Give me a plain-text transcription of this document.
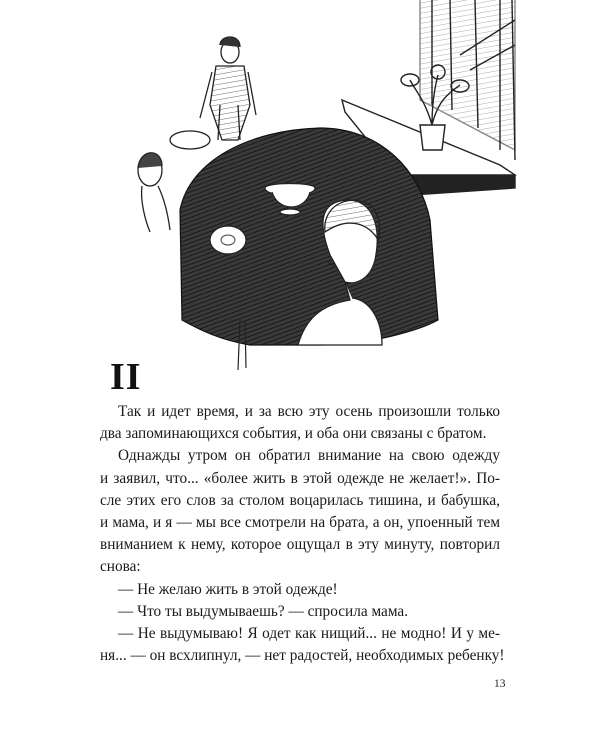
II
Так и идет время, и за всю эту осень произошли только
два запоминающихся события, и оба они связаны с братом.
Однажды утром он обратил внимание на свою одежду
и заявил, что... «более жить в этой одежде не желает!». По-
сле этих его слов за столом воцарилась тишина, и бабушка,
и мама, и я — мы все смотрели на брата, а он, упоенный тем
вниманием к нему, которое ощущал в эту минуту, повторил
снова:
— Не желаю жить в этой одежде!
— Что ты выдумываешь? — спросила мама.
— Не выдумываю! Я одет как нищий... не модно! И у ме-
ня... — он всхлипнул, — нет радостей, необходимых ребенку!
13
